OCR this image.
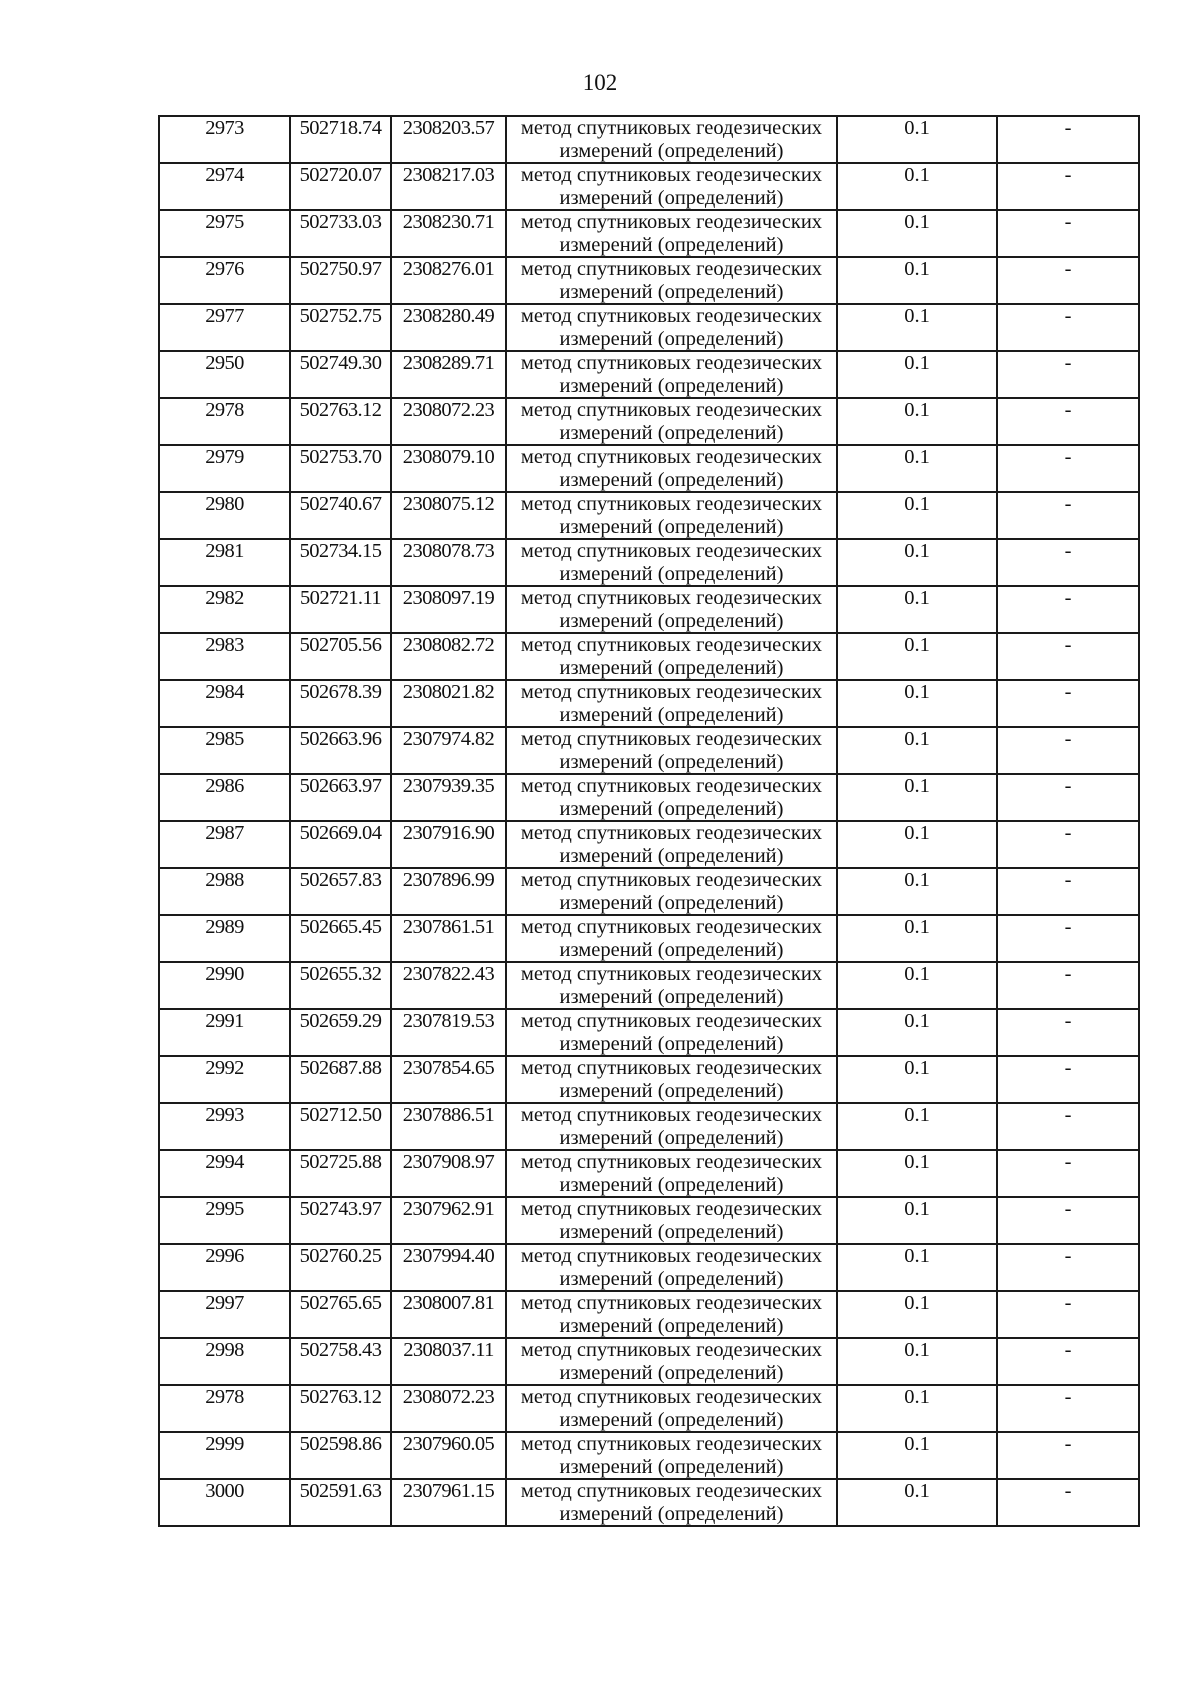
102
2973	502718.74	2308203.57	метод спутниковых геодезических
измерений (определений)	0.1	-
2974	502720.07	2308217.03	метод спутниковых геодезических
измерений (определений)	0.1	-
2975	502733.03	2308230.71	метод спутниковых геодезических
измерений (определений)	0.1	-
2976	502750.97	2308276.01	метод спутниковых геодезических
измерений (определений)	0.1	-
2977	502752.75	2308280.49	метод спутниковых геодезических
измерений (определений)	0.1	-
2950	502749.30	2308289.71	метод спутниковых геодезических
измерений (определений)	0.1	-
2978	502763.12	2308072.23	метод спутниковых геодезических
измерений (определений)	0.1	-
2979	502753.70	2308079.10	метод спутниковых геодезических
измерений (определений)	0.1	-
2980	502740.67	2308075.12	метод спутниковых геодезических
измерений (определений)	0.1	-
2981	502734.15	2308078.73	метод спутниковых геодезических
измерений (определений)	0.1	-
2982	502721.11	2308097.19	метод спутниковых геодезических
измерений (определений)	0.1	-
2983	502705.56	2308082.72	метод спутниковых геодезических
измерений (определений)	0.1	-
2984	502678.39	2308021.82	метод спутниковых геодезических
измерений (определений)	0.1	-
2985	502663.96	2307974.82	метод спутниковых геодезических
измерений (определений)	0.1	-
2986	502663.97	2307939.35	метод спутниковых геодезических
измерений (определений)	0.1	-
2987	502669.04	2307916.90	метод спутниковых геодезических
измерений (определений)	0.1	-
2988	502657.83	2307896.99	метод спутниковых геодезических
измерений (определений)	0.1	-
2989	502665.45	2307861.51	метод спутниковых геодезических
измерений (определений)	0.1	-
2990	502655.32	2307822.43	метод спутниковых геодезических
измерений (определений)	0.1	-
2991	502659.29	2307819.53	метод спутниковых геодезических
измерений (определений)	0.1	-
2992	502687.88	2307854.65	метод спутниковых геодезических
измерений (определений)	0.1	-
2993	502712.50	2307886.51	метод спутниковых геодезических
измерений (определений)	0.1	-
2994	502725.88	2307908.97	метод спутниковых геодезических
измерений (определений)	0.1	-
2995	502743.97	2307962.91	метод спутниковых геодезических
измерений (определений)	0.1	-
2996	502760.25	2307994.40	метод спутниковых геодезических
измерений (определений)	0.1	-
2997	502765.65	2308007.81	метод спутниковых геодезических
измерений (определений)	0.1	-
2998	502758.43	2308037.11	метод спутниковых геодезических
измерений (определений)	0.1	-
2978	502763.12	2308072.23	метод спутниковых геодезических
измерений (определений)	0.1	-
2999	502598.86	2307960.05	метод спутниковых геодезических
измерений (определений)	0.1	-
3000	502591.63	2307961.15	метод спутниковых геодезических
измерений (определений)	0.1	-
